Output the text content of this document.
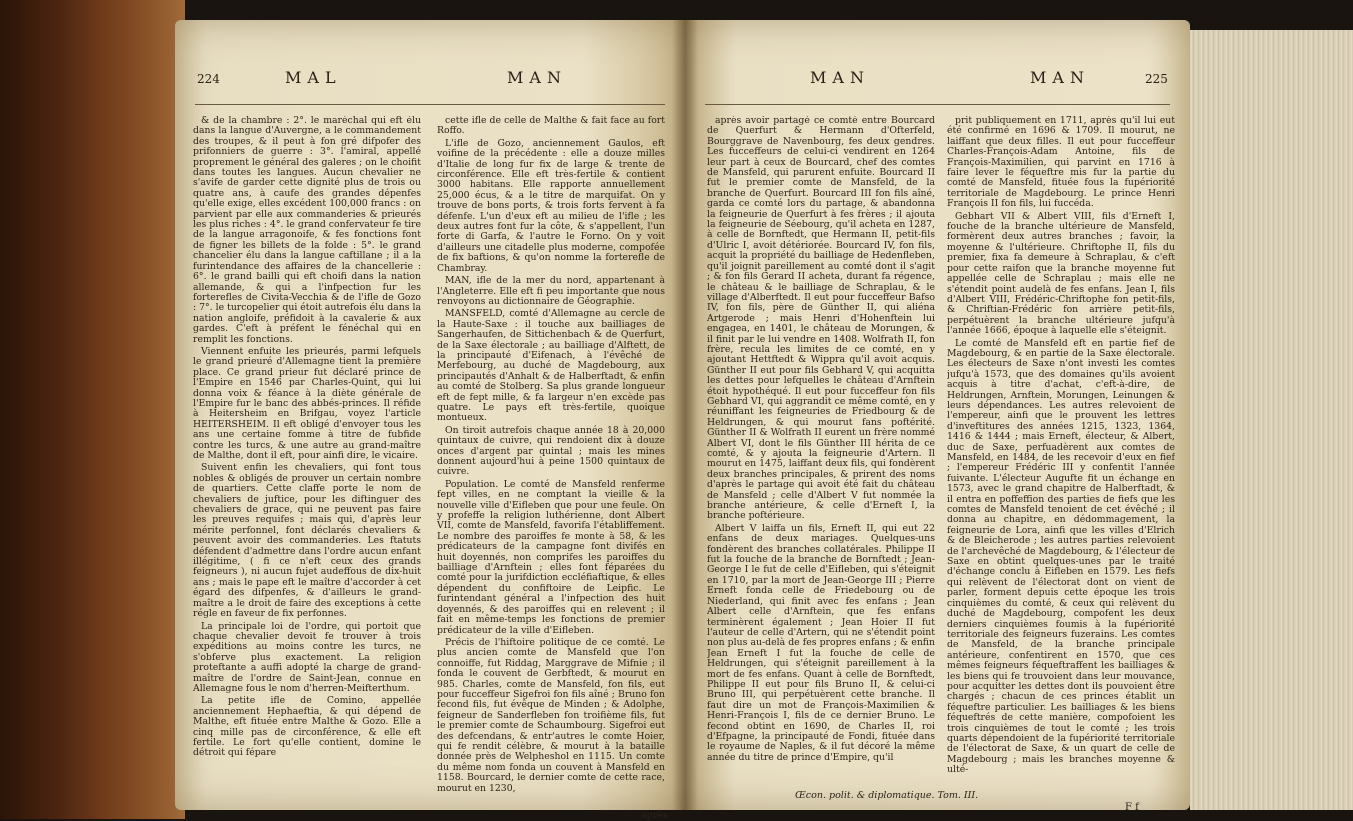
224	MAL	MAN

& de la chambre : 2°. le maréchal qui eft élu dans la langue d'Auvergne, a le commandement des troupes, & il peut à fon gré difpofer des prifonniers de guerre : 3°. l'amiral, appellé proprement le général des galeres ; on le choifit dans toutes les langues. Aucun chevalier ne s'avife de garder cette dignité plus de trois ou quatre ans, à caufe des grandes dépenfes qu'elle exige, elles excédent 100,000 francs : on parvient par elle aux commanderies & prieurés les plus riches : 4°. le grand confervateur fe tire de la langue arragonoife, & fes fonctions font de figner les billets de la folde : 5°. le grand chancelier élu dans la langue caftillane ; il a la furintendance des affaires de la chancellerie : 6°. le grand bailli qui eft choifi dans la nation allemande, & qui a l'infpection fur les forterefles de Civita-Vecchia & de l'ifle de Gozo : 7°. le turcopelier qui étoit autrefois élu dans la nation angloife, préfidoit à la cavalerie & aux gardes. C'eft à préfent le fénéchal qui en remplit les fonctions.

Viennent enfuite les prieurés, parmi lefquels le grand prieuré d'Allemagne tient la première place. Ce grand prieur fut déclaré prince de l'Empire en 1546 par Charles-Quint, qui lui donna voix & féance à la diète générale de l'Empire fur le banc des abbés-princes. Il réfide à Heitersheim en Brifgau, voyez l'article HEITERSHEIM. Il eft obligé d'envoyer tous les ans une certaine fomme à titre de fubfide contre les turcs, & une autre au grand-maître de Malthe, dont il eft, pour ainfi dire, le vicaire.

Suivent enfin les chevaliers, qui font tous nobles & obligés de prouver un certain nombre de quartiers. Cette claffe porte le nom de chevaliers de juftice, pour les diftinguer des chevaliers de grace, qui ne peuvent pas faire les preuves requifes ; mais qui, d'après leur mérite perfonnel, font déclarés chevaliers & peuvent avoir des commanderies. Les ftatuts défendent d'admettre dans l'ordre aucun enfant illégitime, ( fi ce n'eft ceux des grands feigneurs ), ni aucun fujet audeffous de dix-huit ans ; mais le pape eft le maître d'accorder à cet égard des difpenfes, & d'ailleurs le grand-maître a le droit de faire des exceptions à cette régle en faveur de fix perfonnes.

La principale loi de l'ordre, qui portoit que chaque chevalier devoit fe trouver à trois expéditions au moins contre les turcs, ne s'obferve plus exactement. La religion proteftante a auffi adopté la charge de grand-maître de l'ordre de Saint-Jean, connue en Allemagne fous le nom d'herren-Meifterthum.

La petite ifle de Comino, appellée anciennement Hephaeftia, & qui dépend de Malthe, eft fituée entre Malthe & Gozo. Elle a cinq mille pas de circonférence, & elle eft fertile. Le fort qu'elle contient, domine le détroit qui fépare

cette ifle de celle de Malthe & fait face au fort Roffo.

L'ifle de Gozo, anciennement Gaulos, eft voifine de la précédente : elle a douze milles d'Italie de long fur fix de large & trente de circonférence. Elle eft très-fertile & contient 3000 habitans. Elle rapporte annuellement 25,000 écus, & a le titre de marquifat. On y trouve de bons ports, & trois forts fervent à fa défenfe. L'un d'eux eft au milieu de l'ifle ; les deux autres font fur la côte, & s'appellent, l'un forte di Garfa, & l'autre le Forno. On y voit d'ailleurs une citadelle plus moderne, compofée de fix baftions, & qu'on nomme la forterefle de Chambray.

MAN, ifle de la mer du nord, appartenant à l'Angleterre. Elle eft fi peu importante que nous renvoyons au dictionnaire de Géographie.

MANSFELD, comté d'Allemagne au cercle de la Haute-Saxe : il touche aux bailliages de Sangerhaufen, de Sittichenbach & de Querfurt, de la Saxe électorale ; au bailliage d'Alftett, de la principauté d'Eifenach, à l'évêché de Merfebourg, au duché de Magdebourg, aux principautés d'Anhalt & de Halberftadt, & enfin au comté de Stolberg. Sa plus grande longueur eft de fept mille, & fa largeur n'en excède pas quatre. Le pays eft très-fertile, quoique montueux.

On tiroit autrefois chaque année 18 à 20,000 quintaux de cuivre, qui rendoient dix à douze onces d'argent par quintal ; mais les mines donnent aujourd'hui à peine 1500 quintaux de cuivre.

Population. Le comté de Mansfeld renferme fept villes, en ne comptant la vieille & la nouvelle ville d'Eifleben que pour une feule. On y profeffe la religion luthérienne, dont Albert VII, comte de Mansfeld, favorifa l'établiffement. Le nombre des paroiffes fe monte à 58, & les prédicateurs de la campagne font divifés en huit doyennés, non comprifes les paroiffes du bailliage d'Arnftein ; elles font féparées du comté pour la jurifdiction eccléfiaftique, & elles dépendent du confiftoire de Leipfic. Le furintendant général a l'infpection des huit doyennés, & des paroiffes qui en relevent ; il fait en même-temps les fonctions de premier prédicateur de la ville d'Eifleben.

Précis de l'hiftoire politique de ce comté. Le plus ancien comte de Mansfeld que l'on connoiffe, fut Riddag, Marggrave de Mifnie ; il fonda le couvent de Gerbftedt, & mourut en 985. Charles, comte de Mansfeld, fon fils, eut pour fucceffeur Sigefroi fon fils aîné ; Bruno fon fecond fils, fut évêque de Minden ; & Adolphe, feigneur de Sanderfleben fon troifième fils, fut le premier comte de Schaumbourg. Sigefroi eut des defcendans, & entr'autres le comte Hoier, qui fe rendit célèbre, & mourut à la bataille donnée près de Welpheshol en 1115. Un comte du même nom fonda un couvent à Mansfeld en 1158. Bourcard, le dernier comte de cette race, mourut en 1230,

après
MAN	MAN	225

après avoir partagé ce comté entre Bourcard de Querfurt & Hermann d'Ofterfeld, Bourggrave de Navenbourg, fes deux gendres. Les fucceffeurs de celui-ci vendirent en 1264 leur part à ceux de Bourcard, chef des comtes de Mansfeld, qui parurent enfuite. Bourcard II fut le premier comte de Mansfeld, de la branche de Querfurt. Bourcard III fon fils aîné, garda ce comté lors du partage, & abandonna la feigneurie de Querfurt à fes frères ; il ajouta la feigneurie de Séebourg, qu'il acheta en 1287, à celle de Bornftedt, que Hermann II, petit-fils d'Ulric I, avoit détériorée. Bourcard IV, fon fils, acquit la propriété du bailliage de Hedenfleben, qu'il joignit pareillement au comté dont il s'agit ; & fon fils Gerard II acheta, durant fa régence, le château & le bailliage de Schraplau, & le village d'Alberftedt. Il eut pour fucceffeur Bafso IV, fon fils, père de Günther II, qui aliéna Artgerode ; mais Henri d'Hohenftein lui engagea, en 1401, le château de Morungen, & il finit par le lui vendre en 1408. Wolfrath II, fon frère, recula les limites de ce comté, en y ajoutant Hettftedt & Wippra qu'il avoit acquis. Günther II eut pour fils Gebhard V, qui acquitta les dettes pour lefquelles le château d'Arnftein étoit hypothéqué. Il eut pour fucceffeur fon fils Gebhard VI, qui aggrandit ce même comté, en y réuniffant les feigneuries de Friedbourg & de Heldrungen, & qui mourut fans poftérité. Günther II & Wolfrath II eurent un frère nommé Albert VI, dont le fils Günther III hérita de ce comté, & y ajouta la feigneurie d'Artern. Il mourut en 1475, laiffant deux fils, qui fondèrent deux branches principales, & prirent des noms d'après le partage qui avoit été fait du château de Mansfeld ; celle d'Albert V fut nommée la branche antérieure, & celle d'Erneft I, la branche poftérieure.

Albert V laiffa un fils, Erneft II, qui eut 22 enfans de deux mariages. Quelques-uns fondèrent des branches collatérales. Philippe II fut la fouche de la branche de Bornftedt ; Jean-George I le fut de celle d'Eifleben, qui s'éteignit en 1710, par la mort de Jean-George III ; Pierre Erneft fonda celle de Friedebourg ou de Niederland, qui finit avec fes enfans ; Jean Albert celle d'Arnftein, que fes enfans terminèrent également ; Jean Hoier II fut l'auteur de celle d'Artern, qui ne s'étendit point non plus au-delà de fes propres enfans ; & enfin Jean Erneft I fut la fouche de celle de Heldrungen, qui s'éteignit pareillement à la mort de fes enfans. Quant à celle de Bornftedt, Philippe II eut pour fils Bruno II, & celui-ci Bruno III, qui perpétuèrent cette branche. Il faut dire un mot de François-Maximilien & Henri-François I, fils de ce dernier Bruno. Le fecond obtint en 1690, de Charles II, roi d'Efpagne, la principauté de Fondi, fituée dans le royaume de Naples, & il fut décoré la même année du titre de prince d'Empire, qu'il

prit publiquement en 1711, après qu'il lui eut été confirmé en 1696 & 1709. Il mourut, ne laiffant que deux filles. Il eut pour fucceffeur Charles-François-Adam Antoine, fils de François-Maximilien, qui parvint en 1716 à faire lever le féqueftre mis fur la partie du comté de Mansfeld, fituée fous la fupériorité territoriale de Magdebourg. Le prince Henri François II fon fils, lui fuccéda.

Gebhart VII & Albert VIII, fils d'Erneft I, fouche de la branche ultérieure de Mansfeld, formèrent deux autres branches ; favoir, la moyenne & l'ultérieure. Chriftophe II, fils du premier, fixa fa demeure à Schraplau, & c'eft pour cette raifon que la branche moyenne fut appellée celle de Schraplau ; mais elle ne s'étendit point audelà de fes enfans. Jean I, fils d'Albert VIII, Frédéric-Chriftophe fon petit-fils, & Chriftian-Frédéric fon arrière petit-fils, perpétuèrent la branche ultérieure jufqu'à l'année 1666, époque à laquelle elle s'éteignit.

Le comté de Mansfeld eft en partie fief de Magdebourg, & en partie de la Saxe électorale. Les électeurs de Saxe n'ont investi les comtes jufqu'à 1573, que des domaines qu'ils avoient acquis à titre d'achat, c'eft-à-dire, de Heldrungen, Arnftein, Morungen, Leinungen & leurs dépendances. Les autres relevoient de l'empereur, ainfi que le prouvent les lettres d'inveftitures des années 1215, 1323, 1364, 1416 & 1444 ; mais Erneft, électeur, & Albert, duc de Saxe, perfuadèrent aux comtes de Mansfeld, en 1484, de les recevoir d'eux en fief ; l'empereur Frédéric III y confentit l'année fuivante. L'électeur Augufte fit un échange en 1573, avec le grand chapitre de Halberftadt, & il entra en poffeffion des parties de fiefs que les comtes de Mansfeld tenoient de cet évêché ; il donna au chapitre, en dédommagement, la feigneurie de Lora, ainfi que les villes d'Elrich & de Bleicherode ; les autres parties relevoient de l'archevêché de Magdebourg, & l'électeur de Saxe en obtint quelques-unes par le traité d'échange conclu à Eifleben en 1579. Les fiefs qui relèvent de l'électorat dont on vient de parler, forment depuis cette époque les trois cinquièmes du comté, & ceux qui relèvent du duché de Magdebourg, compofent les deux derniers cinquièmes foumis à la fupériorité territoriale des feigneurs fuzerains. Les comtes de Mansfeld, de la branche principale antérieure, confentirent en 1570, que ces mêmes feigneurs féqueftraffent les bailliages & les biens qui fe trouvoient dans leur mouvance, pour acquitter les dettes dont ils pouvoient être chargés ; chacun de ces princes établit un féqueftre particulier. Les bailliages & les biens féqueftrés de cette manière, compofoient les trois cinquièmes de tout le comté ; les trois quarts dépendoient de la fupériorité territoriale de l'électorat de Saxe, & un quart de celle de Magdebourg ; mais les branches moyenne & ulté-

Œcon. polit. & diplomatique. Tom. III.
F f
